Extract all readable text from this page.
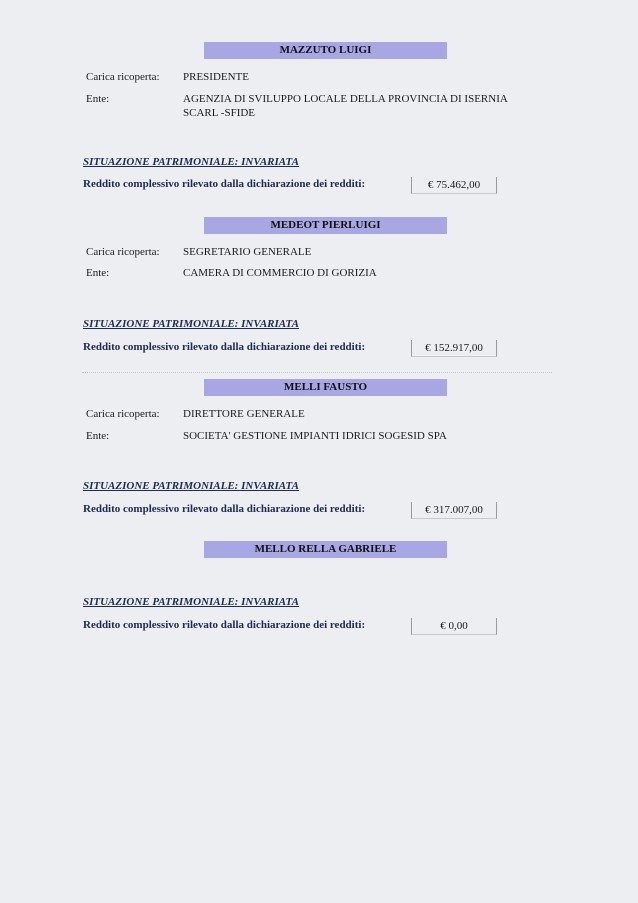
MAZZUTO LUIGI
Carica ricoperta:	PRESIDENTE
Ente:	AGENZIA DI SVILUPPO LOCALE DELLA PROVINCIA DI ISERNIA SCARL -SFIDE
SITUAZIONE PATRIMONIALE: INVARIATA
Reddito complessivo rilevato dalla dichiarazione dei redditi:	€ 75.462,00
MEDEOT PIERLUIGI
Carica ricoperta:	SEGRETARIO GENERALE
Ente:	CAMERA DI COMMERCIO DI GORIZIA
SITUAZIONE PATRIMONIALE: INVARIATA
Reddito complessivo rilevato dalla dichiarazione dei redditi:	€ 152.917,00
MELLI FAUSTO
Carica ricoperta:	DIRETTORE GENERALE
Ente:	SOCIETA' GESTIONE IMPIANTI IDRICI SOGESID SPA
SITUAZIONE PATRIMONIALE: INVARIATA
Reddito complessivo rilevato dalla dichiarazione dei redditi:	€ 317.007,00
MELLO RELLA GABRIELE
SITUAZIONE PATRIMONIALE: INVARIATA
Reddito complessivo rilevato dalla dichiarazione dei redditi:	€ 0,00
